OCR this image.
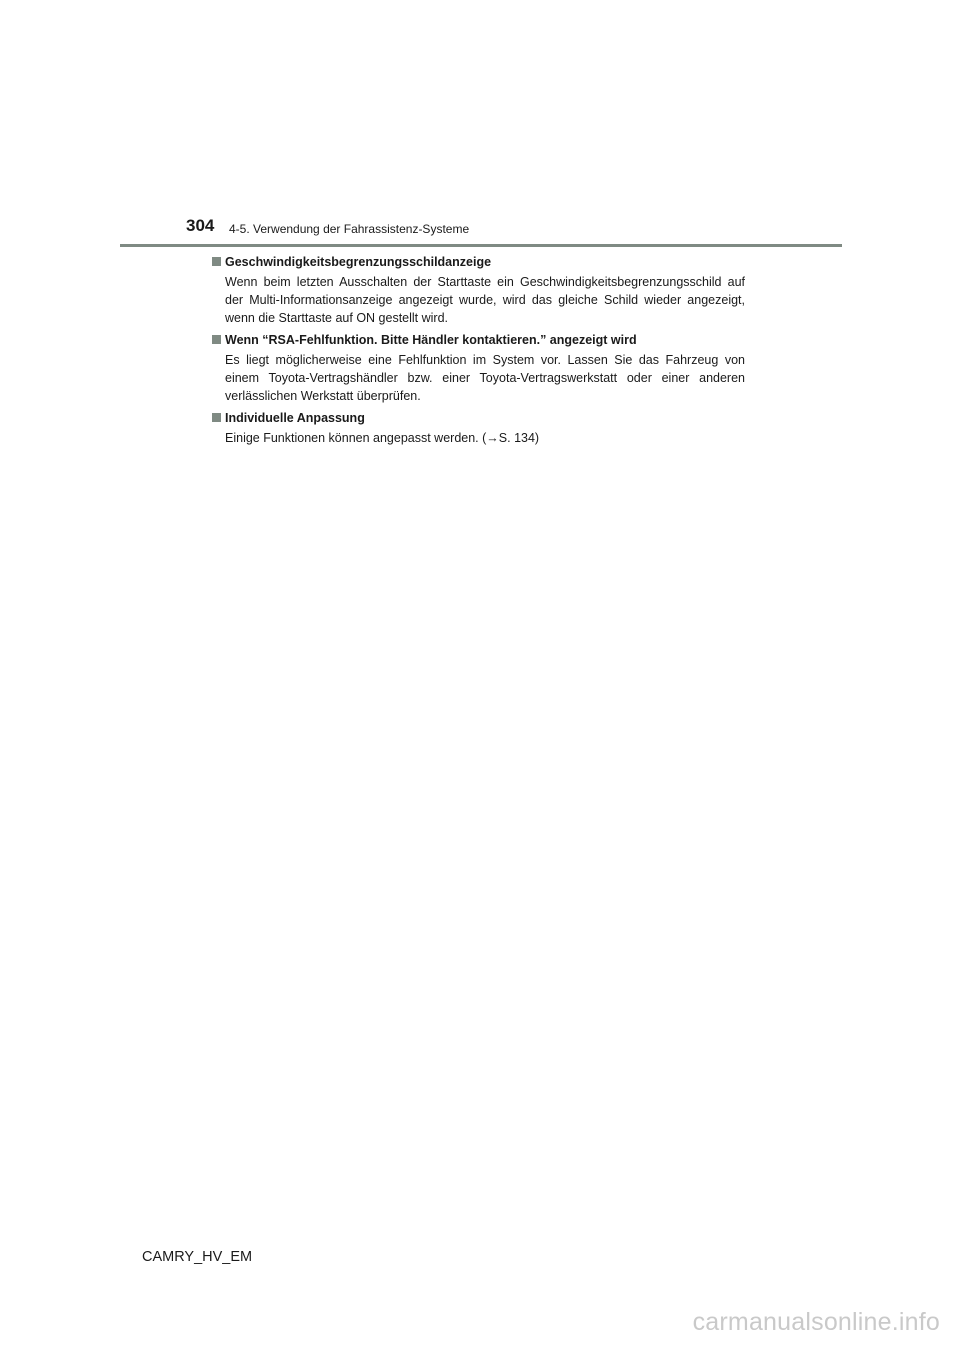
304 4-5. Verwendung der Fahrassistenz-Systeme
Geschwindigkeitsbegrenzungsschildanzeige
Wenn beim letzten Ausschalten der Starttaste ein Geschwindigkeitsbegrenzungsschild auf der Multi-Informationsanzeige angezeigt wurde, wird das gleiche Schild wieder angezeigt, wenn die Starttaste auf ON gestellt wird.
Wenn “RSA-Fehlfunktion. Bitte Händler kontaktieren.” angezeigt wird
Es liegt möglicherweise eine Fehlfunktion im System vor. Lassen Sie das Fahrzeug von einem Toyota-Vertragshändler bzw. einer Toyota-Vertragswerkstatt oder einer anderen verlässlichen Werkstatt überprüfen.
Individuelle Anpassung
Einige Funktionen können angepasst werden. (→S. 134)
CAMRY_HV_EM
carmanualsonline.info
